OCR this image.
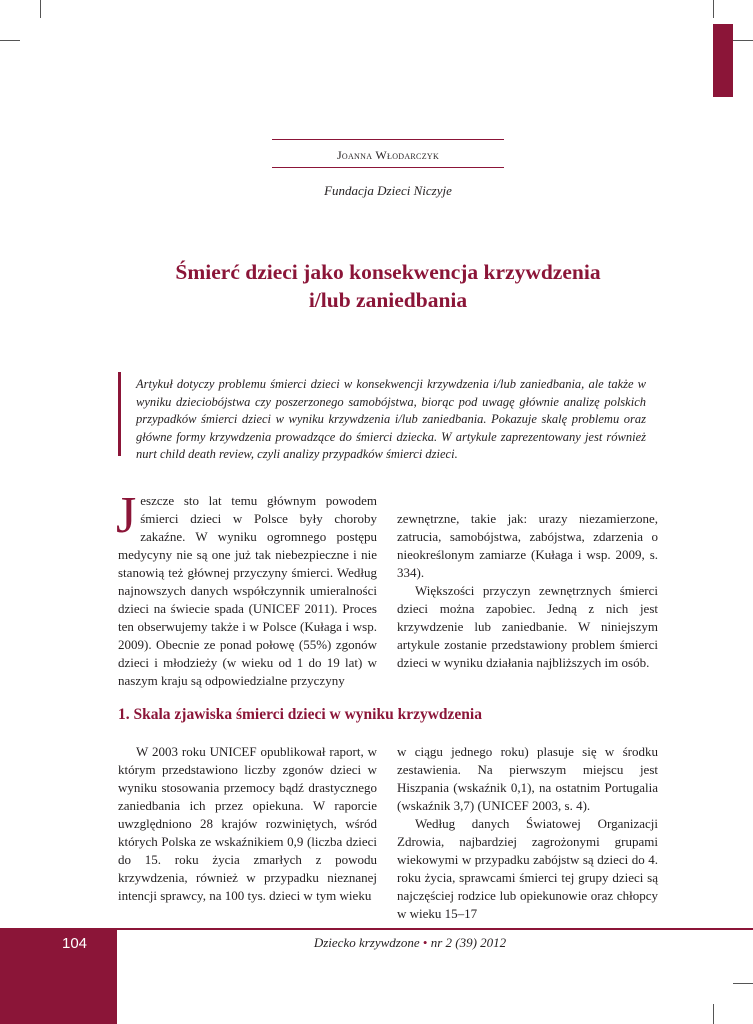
Joanna Włodarczyk
Fundacja Dzieci Niczyje
Śmierć dzieci jako konsekwencja krzywdzenia
i/lub zaniedbania
Artykuł dotyczy problemu śmierci dzieci w konsekwencji krzywdzenia i/lub zaniedbania, ale także w wyniku dzieciobójstwa czy poszerzonego samobójstwa, biorąc pod uwagę głównie analizę polskich przypadków śmierci dzieci w wyniku krzywdzenia i/lub zaniedbania. Pokazuje skalę problemu oraz główne formy krzywdzenia prowadzące do śmierci dziecka. W artykule zaprezentowany jest również nurt child death review, czyli analizy przypadków śmierci dzieci.

Jeszcze sto lat temu głównym powodem śmierci dzieci w Polsce były choroby zakaźne. W wyniku ogromnego postępu medycyny nie są one już tak niebezpieczne i nie stanowią też głównej przyczyny śmierci. Według najnowszych danych współczynnik umieralności dzieci na świecie spada (UNICEF 2011). Proces ten obserwujemy także i w Polsce (Kułaga i wsp. 2009). Obecnie ze ponad połowę (55%) zgonów dzieci i młodzieży (w wieku od 1 do 19 lat) w naszym kraju są odpowiedzialne przyczyny

zewnętrzne, takie jak: urazy niezamierzone, zatrucia, samobójstwa, zabójstwa, zdarzenia o nieokreślonym zamiarze (Kułaga i wsp. 2009, s. 334).

Większości przyczyn zewnętrznych śmierci dzieci można zapobiec. Jedną z nich jest krzywdzenie lub zaniedbanie. W niniejszym artykule zostanie przedstawiony problem śmierci dzieci w wyniku działania najbliższych im osób.

1. Skala zjawiska śmierci dzieci w wyniku krzywdzenia

W 2003 roku UNICEF opublikował raport, w którym przedstawiono liczby zgonów dzieci w wyniku stosowania przemocy bądź drastycznego zaniedbania ich przez opiekuna. W raporcie uwzględniono 28 krajów rozwiniętych, wśród których Polska ze wskaźnikiem 0,9 (liczba dzieci do 15. roku życia zmarłych z powodu krzywdzenia, również w przypadku nieznanej intencji sprawcy, na 100 tys. dzieci w tym wieku

w ciągu jednego roku) plasuje się w środku zestawienia. Na pierwszym miejscu jest Hiszpania (wskaźnik 0,1), na ostatnim Portugalia (wskaźnik 3,7) (UNICEF 2003, s. 4).

Według danych Światowej Organizacji Zdrowia, najbardziej zagrożonymi grupami wiekowymi w przypadku zabójstw są dzieci do 4. roku życia, sprawcami śmierci tej grupy dzieci są najczęściej rodzice lub opiekunowie oraz chłopcy w wieku 15–17

104	Dziecko krzywdzone • nr 2 (39) 2012
